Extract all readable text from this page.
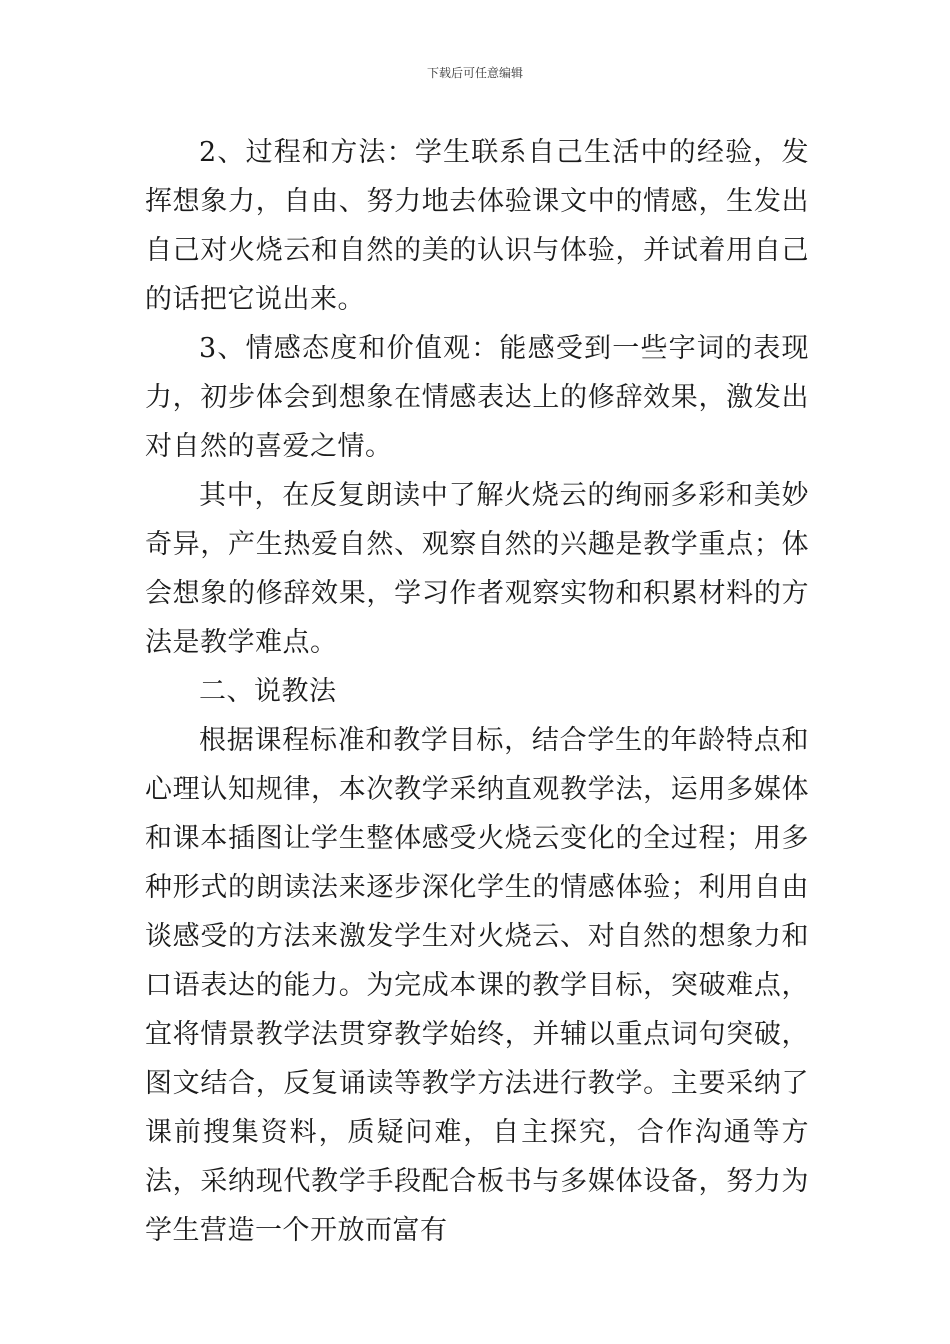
下载后可任意编辑

2、过程和方法：学生联系自己生活中的经验，发挥想象力，自由、努力地去体验课文中的情感，生发出自己对火烧云和自然的美的认识与体验，并试着用自己的话把它说出来。

3、情感态度和价值观：能感受到一些字词的表现力，初步体会到想象在情感表达上的修辞效果，激发出对自然的喜爱之情。

其中，在反复朗读中了解火烧云的绚丽多彩和美妙奇异，产生热爱自然、观察自然的兴趣是教学重点；体会想象的修辞效果，学习作者观察实物和积累材料的方法是教学难点。

二、说教法

根据课程标准和教学目标，结合学生的年龄特点和心理认知规律，本次教学采纳直观教学法，运用多媒体和课本插图让学生整体感受火烧云变化的全过程；用多种形式的朗读法来逐步深化学生的情感体验；利用自由谈感受的方法来激发学生对火烧云、对自然的想象力和口语表达的能力。为完成本课的教学目标，突破难点，宜将情景教学法贯穿教学始终，并辅以重点词句突破，图文结合，反复诵读等教学方法进行教学。主要采纳了课前搜集资料，质疑问难，自主探究，合作沟通等方法，采纳现代教学手段配合板书与多媒体设备，努力为学生营造一个开放而富有
